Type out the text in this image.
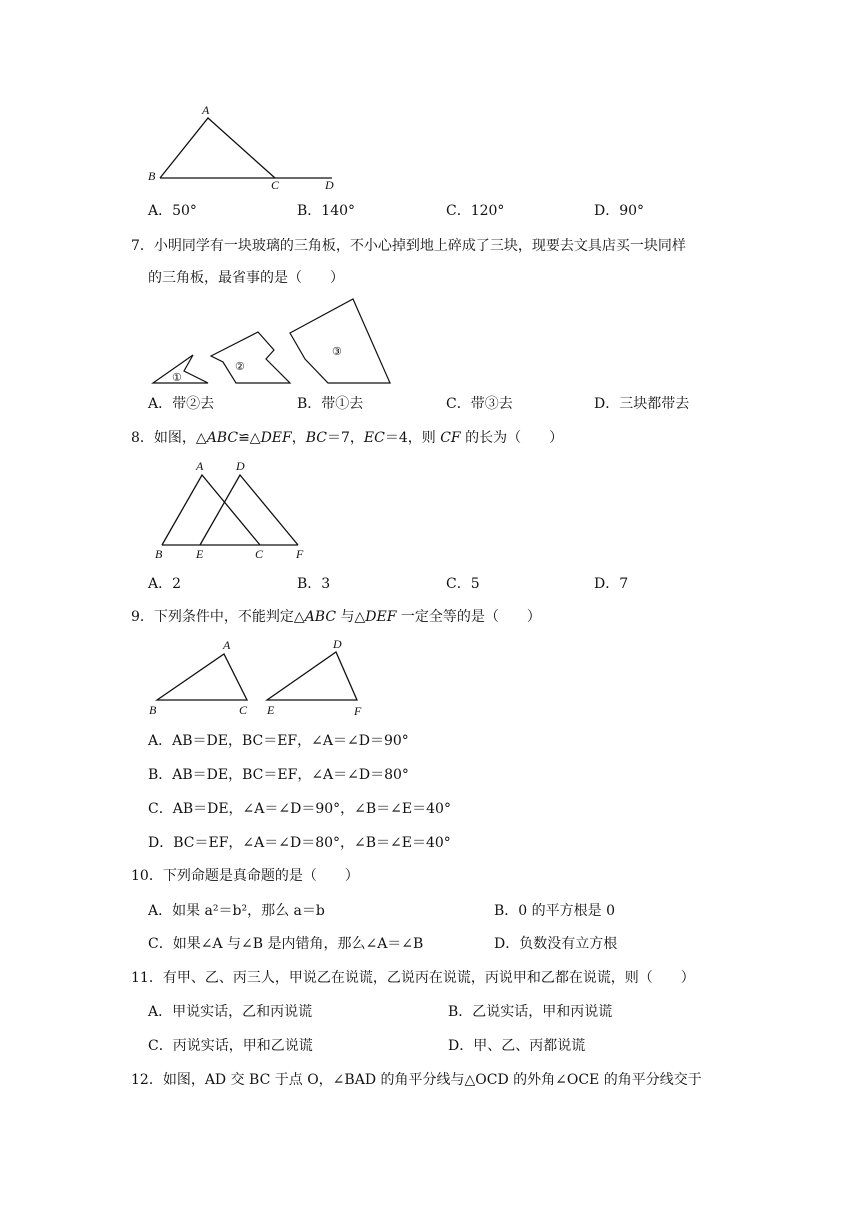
A
B
C	D
A．50°	B．140°	C．120°	D．90°
7．小明同学有一块玻璃的三角板，不小心掉到地上碎成了三块，现要去文具店买一块同样
的三角板，最省事的是（　　）
①
②
③
A．带②去	B．带①去	C．带③去	D．三块都带去
8．如图，△ABC≌△DEF，BC＝7，EC＝4，则 CF 的长为（　　）
A	D
B	E	C	F
A．2	B．3	C．5	D．7
9．下列条件中，不能判定△ABC 与△DEF 一定全等的是（　　）
A
B	C
D
E	F
A．AB＝DE，BC＝EF，∠A＝∠D＝90°
B．AB＝DE，BC＝EF，∠A＝∠D＝80°
C．AB＝DE，∠A＝∠D＝90°，∠B＝∠E＝40°
D．BC＝EF，∠A＝∠D＝80°，∠B＝∠E＝40°
10．下列命题是真命题的是（　　）
A．如果 a²＝b²，那么 a＝b	B．0 的平方根是 0
C．如果∠A 与∠B 是内错角，那么∠A＝∠B	D．负数没有立方根
11．有甲、乙、丙三人，甲说乙在说谎，乙说丙在说谎，丙说甲和乙都在说谎，则（　　）
A．甲说实话，乙和丙说谎	B．乙说实话，甲和丙说谎
C．丙说实话，甲和乙说谎	D．甲、乙、丙都说谎
12．如图，AD 交 BC 于点 O，∠BAD 的角平分线与△OCD 的外角∠OCE 的角平分线交于
